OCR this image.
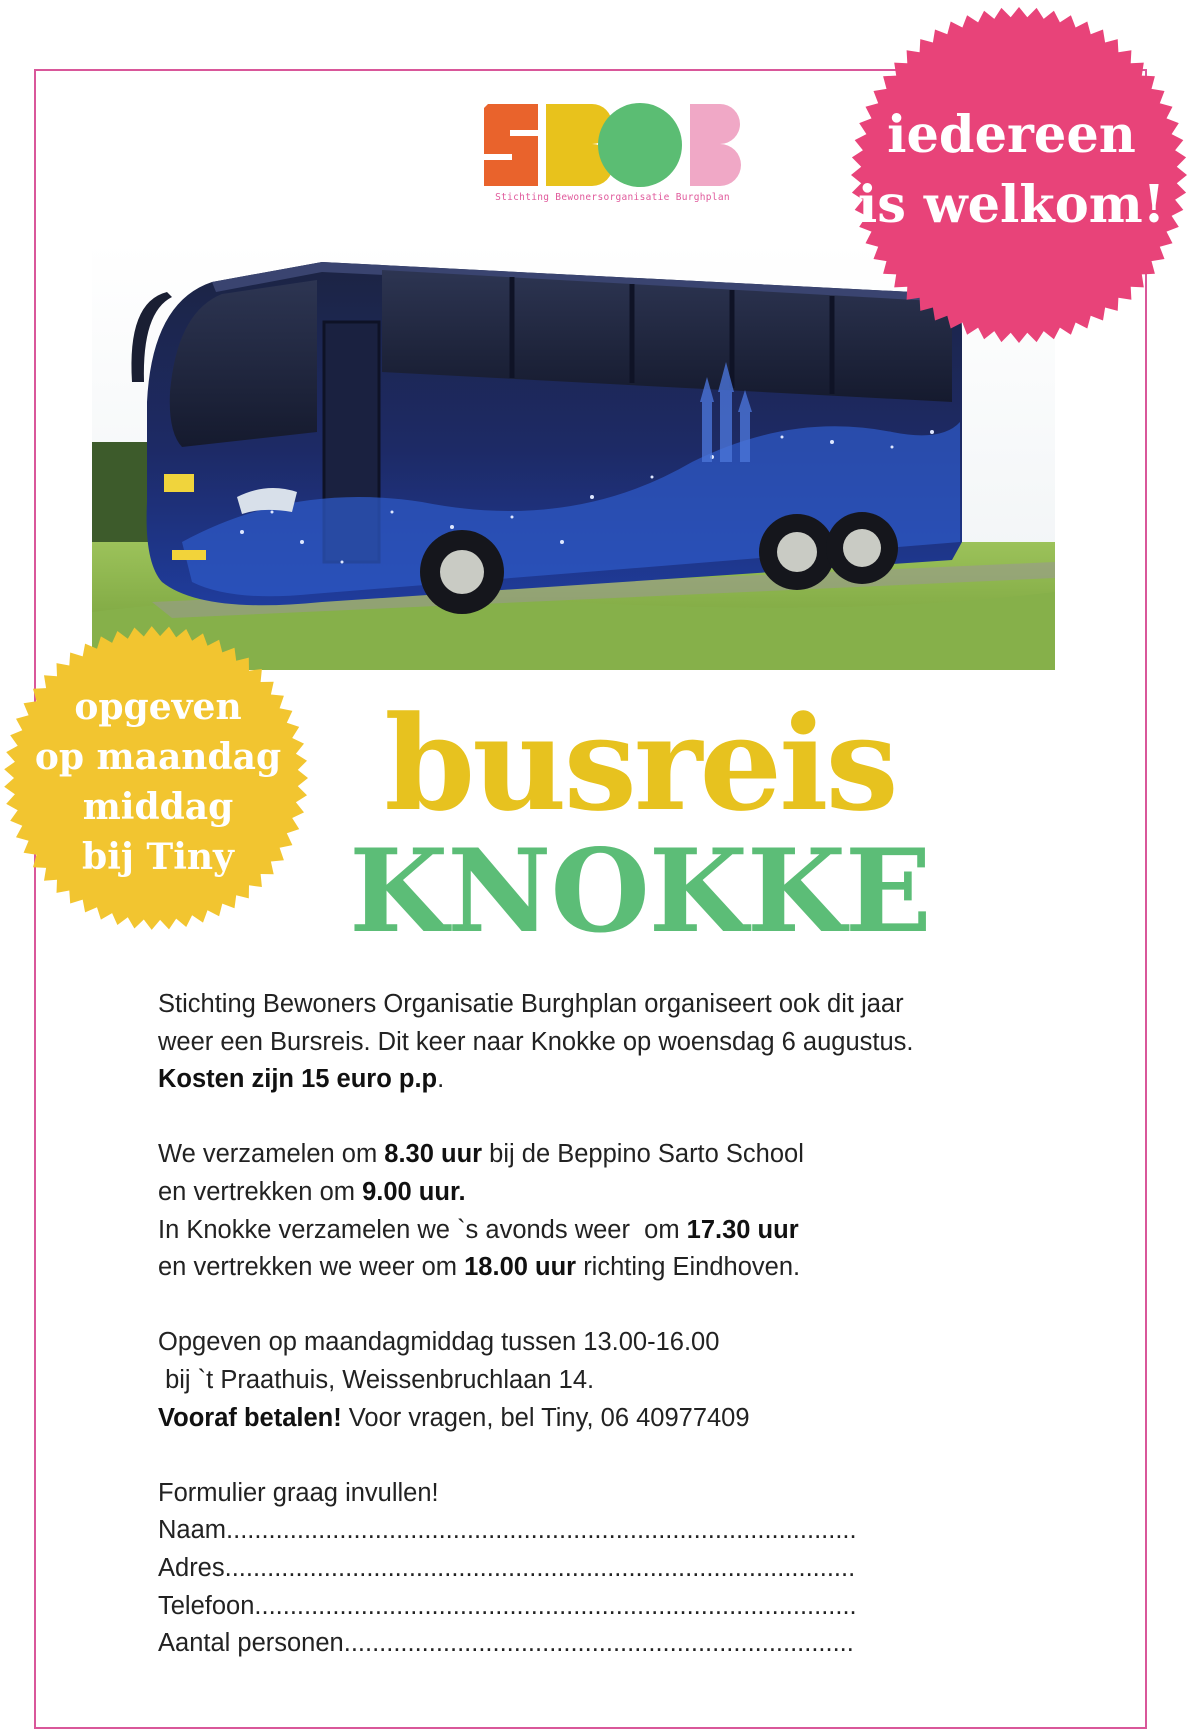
Stichting Bewonersorganisatie Burghplan
iedereen
is welkom!
opgeven
op maandag
middag
bij Tiny
busreis
KNOKKE

Stichting Bewoners Organisatie Burghplan organiseert ook dit jaar

weer een Bursreis. Dit keer naar Knokke op woensdag 6 augustus.

Kosten zijn 15 euro p.p.

We verzamelen om 8.30 uur bij de Beppino Sarto School

en vertrekken om 9.00 uur.

In Knokke verzamelen we `s avonds weer  om 17.30 uur

en vertrekken we weer om 18.00 uur richting Eindhoven.

Opgeven op maandagmiddag tussen 13.00-16.00

bij `t Praathuis, Weissenbruchlaan 14.

Vooraf betalen! Voor vragen, bel Tiny, 06 40977409

Formulier graag invullen!

Naam.........................................................................................

Adres.........................................................................................

Telefoon.....................................................................................

Aantal personen........................................................................
